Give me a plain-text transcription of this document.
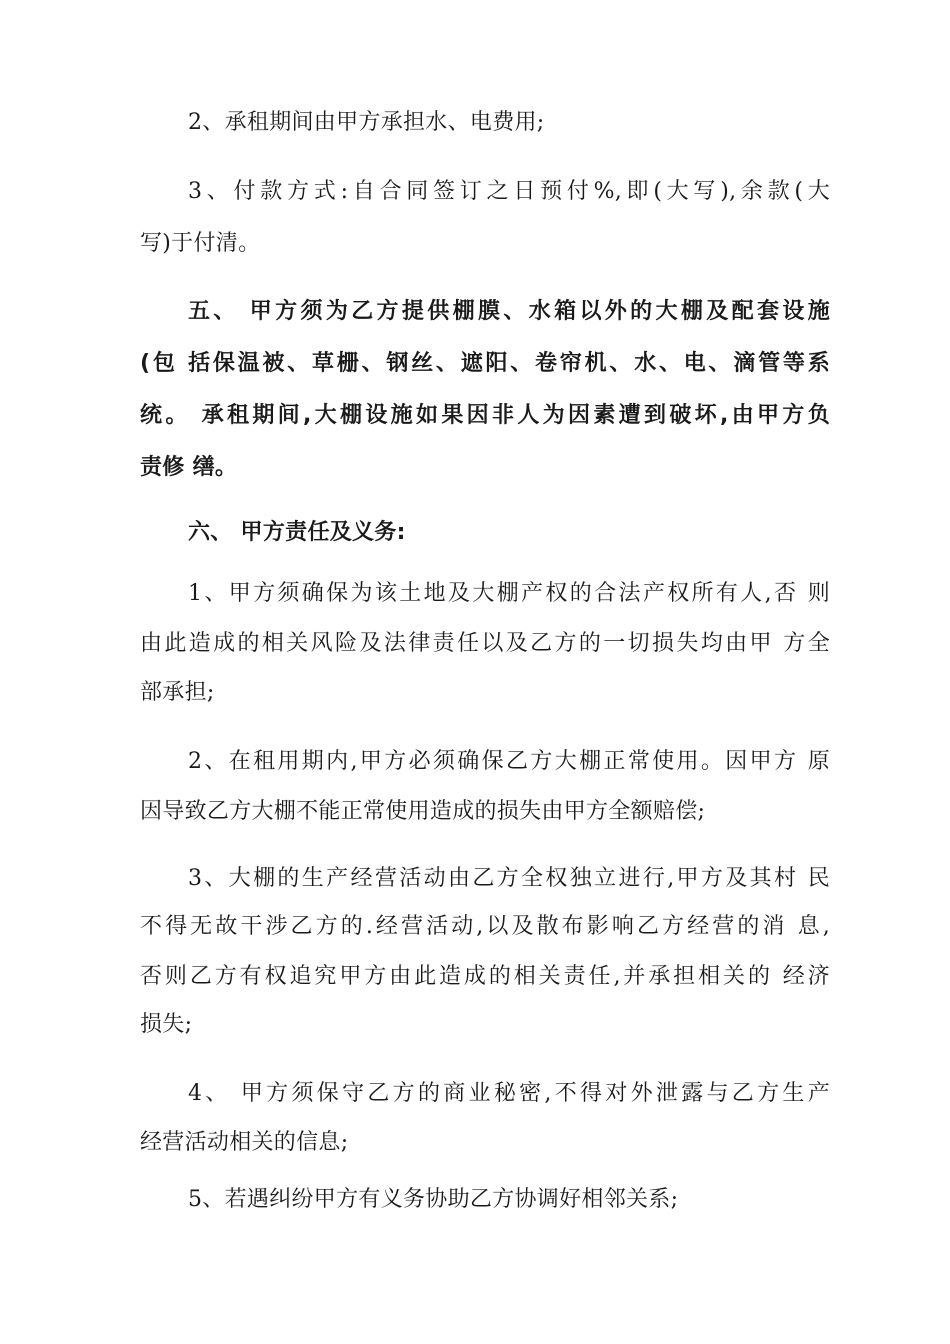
2、承租期间由甲方承担水、电费用;
3、付款方式:自合同签订之日预付%,即(大写),余款(大
写)于付清。
五、 甲方须为乙方提供棚膜、水箱以外的大棚及配套设施
(包 括保温被、草栅、钢丝、遮阳、卷帘机、水、电、滴管等系
统。 承租期间,大棚设施如果因非人为因素遭到破坏,由甲方负
责修 缮。
六、 甲方责任及义务:
1、甲方须确保为该土地及大棚产权的合法产权所有人,否 则
由此造成的相关风险及法律责任以及乙方的一切损失均由甲 方全
部承担;
2、在租用期内,甲方必须确保乙方大棚正常使用。因甲方 原
因导致乙方大棚不能正常使用造成的损失由甲方全额赔偿;
3、大棚的生产经营活动由乙方全权独立进行,甲方及其村 民
不得无故干涉乙方的.经营活动,以及散布影响乙方经营的消 息,
否则乙方有权追究甲方由此造成的相关责任,并承担相关的 经济
损失;
4、 甲方须保守乙方的商业秘密,不得对外泄露与乙方生产
经营活动相关的信息;
5、若遇纠纷甲方有义务协助乙方协调好相邻关系;
